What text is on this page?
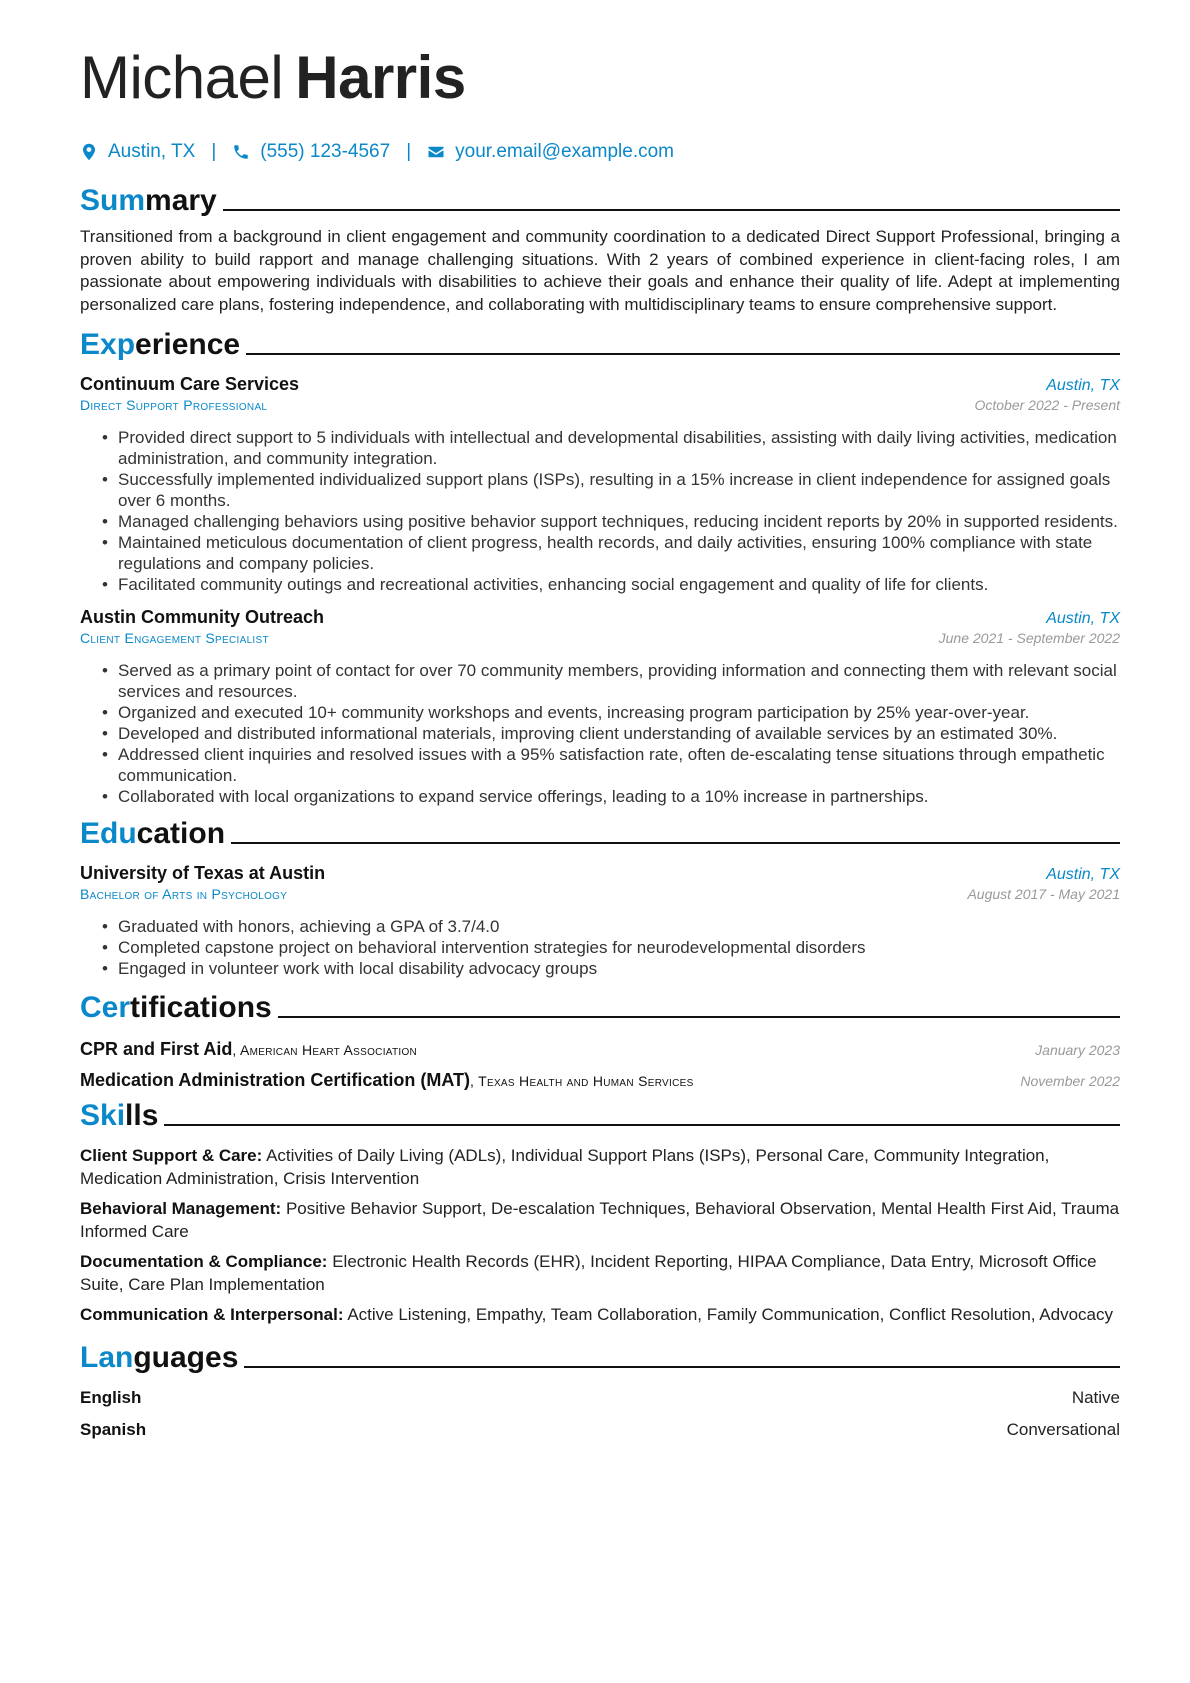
Michael Harris
Austin, TX | (555) 123-4567 | your.email@example.com
Summary

Transitioned from a background in client engagement and community coordination to a dedicated Direct Support Professional, bringing a proven ability to build rapport and manage challenging situations. With 2 years of combined experience in client-facing roles, I am passionate about empowering individuals with disabilities to achieve their goals and enhance their quality of life. Adept at implementing personalized care plans, fostering independence, and collaborating with multidisciplinary teams to ensure comprehensive support.

Experience
Continuum Care Services	Austin, TX
Direct Support Professional	October 2022 - Present
• Provided direct support to 5 individuals with intellectual and developmental disabilities, assisting with daily living activities, medication administration, and community integration.
• Successfully implemented individualized support plans (ISPs), resulting in a 15% increase in client independence for assigned goals over 6 months.
• Managed challenging behaviors using positive behavior support techniques, reducing incident reports by 20% in supported residents.
• Maintained meticulous documentation of client progress, health records, and daily activities, ensuring 100% compliance with state regulations and company policies.
• Facilitated community outings and recreational activities, enhancing social engagement and quality of life for clients.
Austin Community Outreach	Austin, TX
Client Engagement Specialist	June 2021 - September 2022
• Served as a primary point of contact for over 70 community members, providing information and connecting them with relevant social services and resources.
• Organized and executed 10+ community workshops and events, increasing program participation by 25% year-over-year.
• Developed and distributed informational materials, improving client understanding of available services by an estimated 30%.
• Addressed client inquiries and resolved issues with a 95% satisfaction rate, often de-escalating tense situations through empathetic communication.
• Collaborated with local organizations to expand service offerings, leading to a 10% increase in partnerships.
Education
University of Texas at Austin	Austin, TX
Bachelor of Arts in Psychology	August 2017 - May 2021
• Graduated with honors, achieving a GPA of 3.7/4.0
• Completed capstone project on behavioral intervention strategies for neurodevelopmental disorders
• Engaged in volunteer work with local disability advocacy groups
Certifications
CPR and First Aid, American Heart Association	January 2023
Medication Administration Certification (MAT), Texas Health and Human Services	November 2022
Skills
Client Support & Care: Activities of Daily Living (ADLs), Individual Support Plans (ISPs), Personal Care, Community Integration, Medication Administration, Crisis Intervention
Behavioral Management: Positive Behavior Support, De-escalation Techniques, Behavioral Observation, Mental Health First Aid, Trauma Informed Care
Documentation & Compliance: Electronic Health Records (EHR), Incident Reporting, HIPAA Compliance, Data Entry, Microsoft Office Suite, Care Plan Implementation
Communication & Interpersonal: Active Listening, Empathy, Team Collaboration, Family Communication, Conflict Resolution, Advocacy
Languages
English	Native
Spanish	Conversational
